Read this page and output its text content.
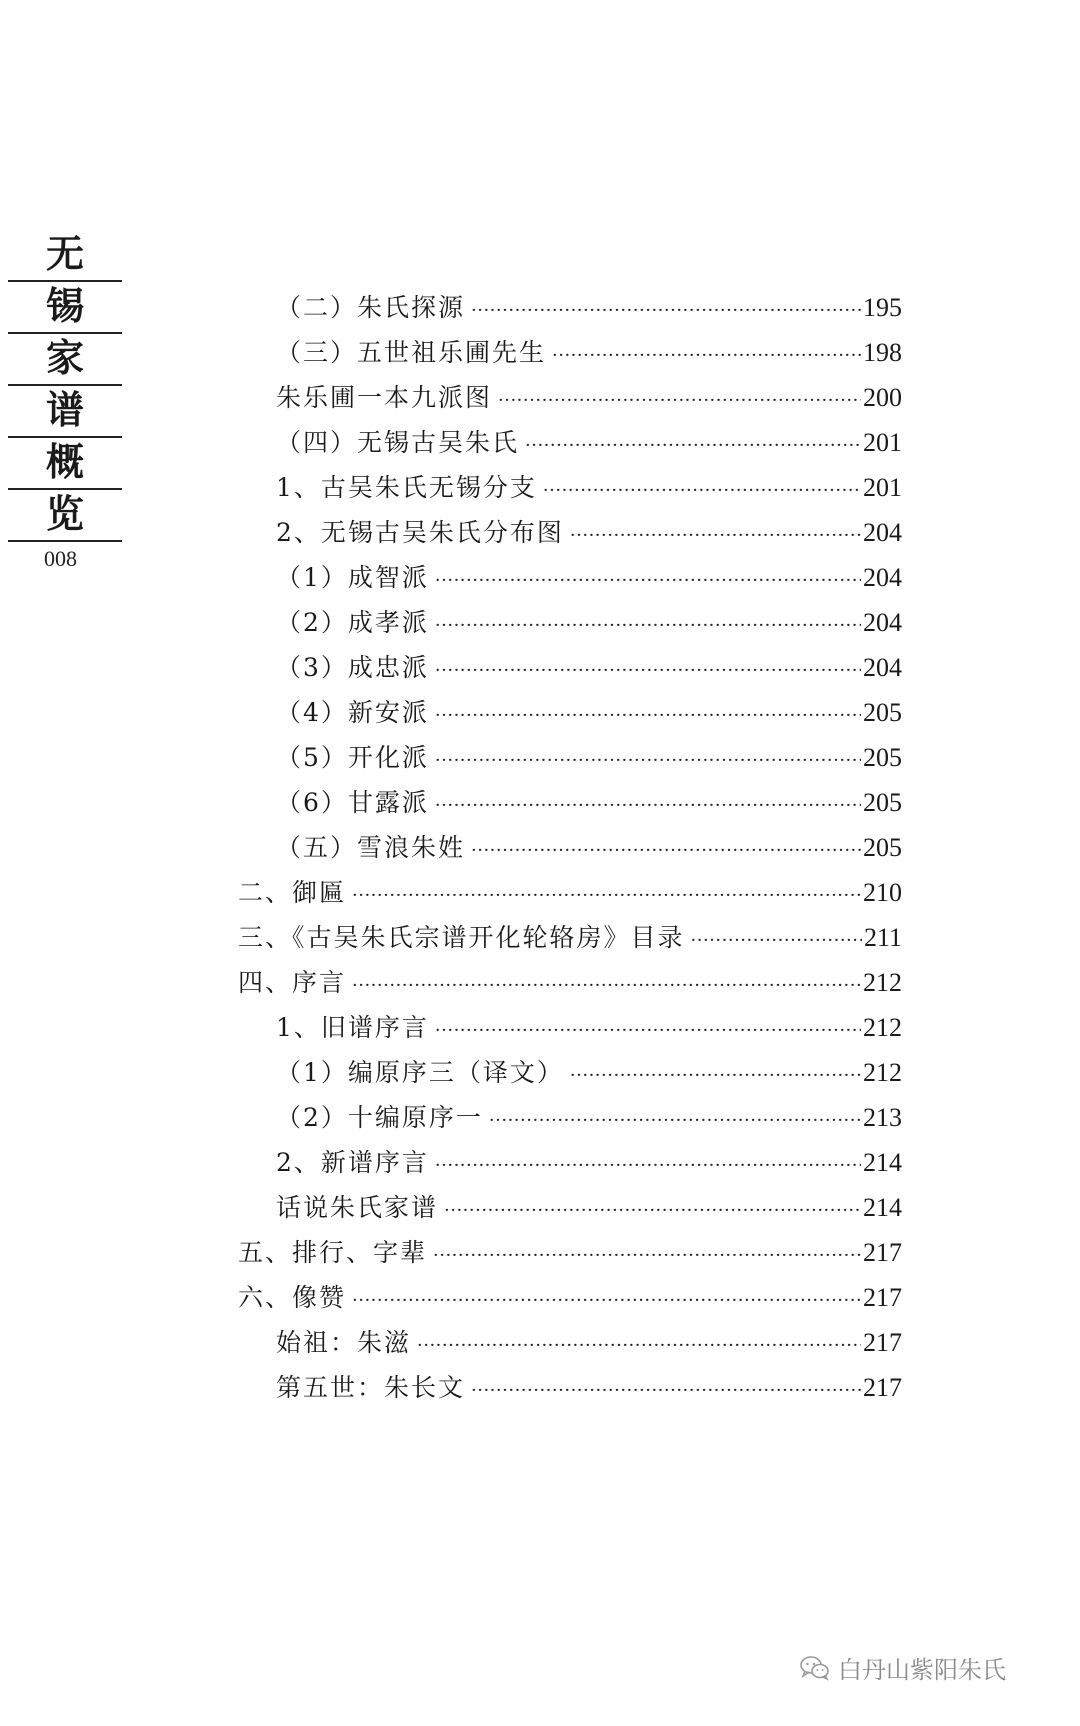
无
锡
家
谱
概
览
008
（二）朱氏探源 ·····	195
（三）五世祖乐圃先生 ·····	198
朱乐圃一本九派图 ·····	200
（四）无锡古吴朱氏 ·····	201
1、古吴朱氏无锡分支 ·····	201
2、无锡古吴朱氏分布图 ·····	204
（1）成智派 ·····	204
（2）成孝派 ·····	204
（3）成忠派 ·····	204
（4）新安派 ·····	205
（5）开化派 ·····	205
（6）甘露派 ·····	205
（五）雪浪朱姓 ·····	205
二、御匾 ·····	210
三、《古吴朱氏宗谱开化轮辂房》目录 ·····	211
四、序言 ·····	212
1、旧谱序言 ·····	212
（1）编原序三（译文） ·····	212
（2）十编原序一 ·····	213
2、新谱序言 ·····	214
话说朱氏家谱 ·····	214
五、排行、字辈 ·····	217
六、像赞 ·····	217
始祖：朱滋 ·····	217
第五世：朱长文 ·····	217
白丹山紫阳朱氏
